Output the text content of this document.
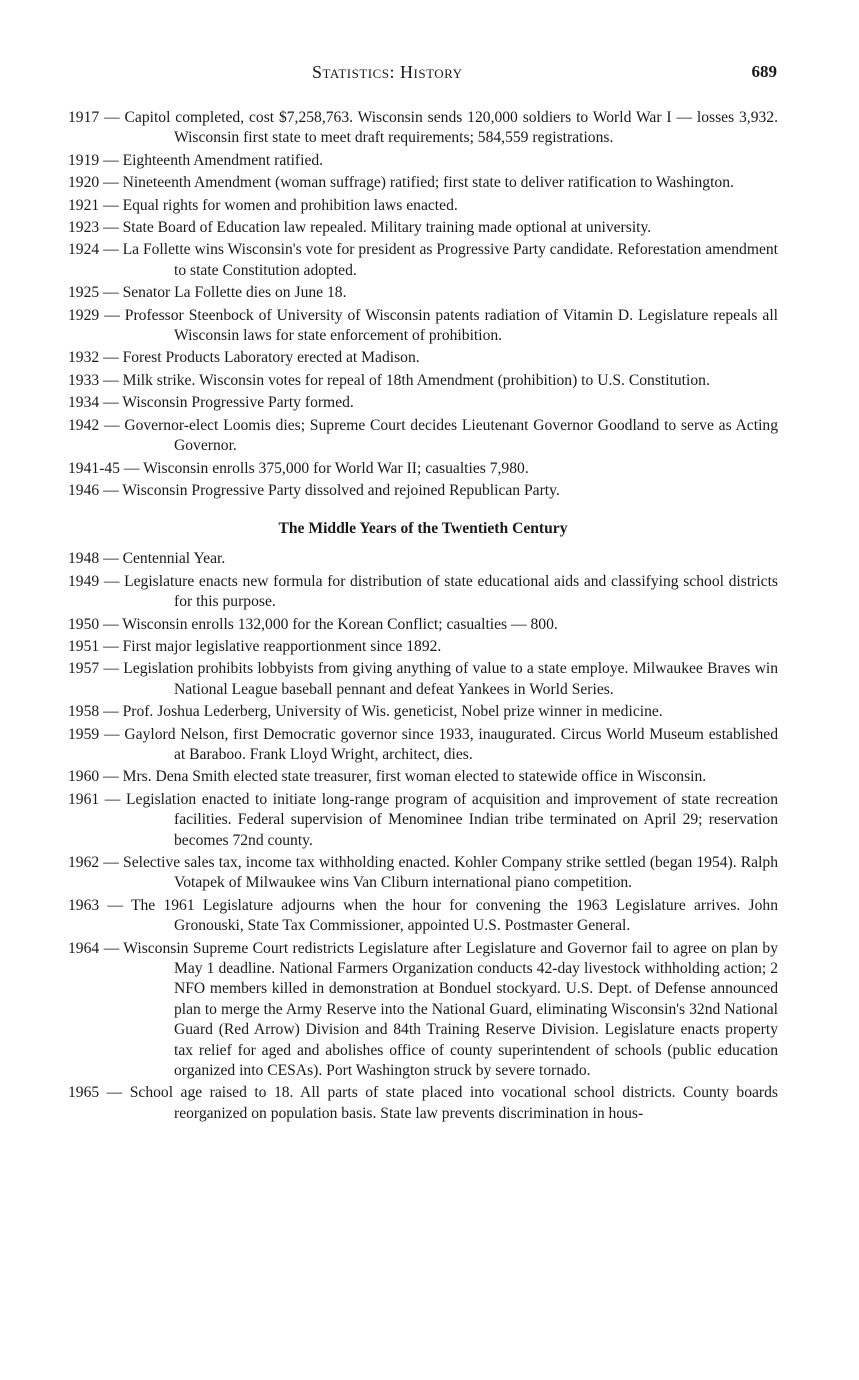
Statistics: History	689
1917 — Capitol completed, cost $7,258,763. Wisconsin sends 120,000 soldiers to World War I — losses 3,932. Wisconsin first state to meet draft requirements; 584,559 registrations.
1919 — Eighteenth Amendment ratified.
1920 — Nineteenth Amendment (woman suffrage) ratified; first state to deliver ratification to Washington.
1921 — Equal rights for women and prohibition laws enacted.
1923 — State Board of Education law repealed. Military training made optional at university.
1924 — La Follette wins Wisconsin's vote for president as Progressive Party candidate. Reforestation amendment to state Constitution adopted.
1925 — Senator La Follette dies on June 18.
1929 — Professor Steenbock of University of Wisconsin patents radiation of Vitamin D. Legislature repeals all Wisconsin laws for state enforcement of prohibition.
1932 — Forest Products Laboratory erected at Madison.
1933 — Milk strike. Wisconsin votes for repeal of 18th Amendment (prohibition) to U.S. Constitution.
1934 — Wisconsin Progressive Party formed.
1942 — Governor-elect Loomis dies; Supreme Court decides Lieutenant Governor Goodland to serve as Acting Governor.
1941-45 — Wisconsin enrolls 375,000 for World War II; casualties 7,980.
1946 — Wisconsin Progressive Party dissolved and rejoined Republican Party.
The Middle Years of the Twentieth Century
1948 — Centennial Year.
1949 — Legislature enacts new formula for distribution of state educational aids and classifying school districts for this purpose.
1950 — Wisconsin enrolls 132,000 for the Korean Conflict; casualties — 800.
1951 — First major legislative reapportionment since 1892.
1957 — Legislation prohibits lobbyists from giving anything of value to a state employe. Milwaukee Braves win National League baseball pennant and defeat Yankees in World Series.
1958 — Prof. Joshua Lederberg, University of Wis. geneticist, Nobel prize winner in medicine.
1959 — Gaylord Nelson, first Democratic governor since 1933, inaugurated. Circus World Museum established at Baraboo. Frank Lloyd Wright, architect, dies.
1960 — Mrs. Dena Smith elected state treasurer, first woman elected to statewide office in Wisconsin.
1961 — Legislation enacted to initiate long-range program of acquisition and improvement of state recreation facilities. Federal supervision of Menominee Indian tribe terminated on April 29; reservation becomes 72nd county.
1962 — Selective sales tax, income tax withholding enacted. Kohler Company strike settled (began 1954). Ralph Votapek of Milwaukee wins Van Cliburn international piano competition.
1963 — The 1961 Legislature adjourns when the hour for convening the 1963 Legislature arrives. John Gronouski, State Tax Commissioner, appointed U.S. Postmaster General.
1964 — Wisconsin Supreme Court redistricts Legislature after Legislature and Governor fail to agree on plan by May 1 deadline. National Farmers Organization conducts 42-day livestock withholding action; 2 NFO members killed in demonstration at Bonduel stockyard. U.S. Dept. of Defense announced plan to merge the Army Reserve into the National Guard, eliminating Wisconsin's 32nd National Guard (Red Arrow) Division and 84th Training Reserve Division. Legislature enacts property tax relief for aged and abolishes office of county superintendent of schools (public education organized into CESAs). Port Washington struck by severe tornado.
1965 — School age raised to 18. All parts of state placed into vocational school districts. County boards reorganized on population basis. State law prevents discrimination in hous-
